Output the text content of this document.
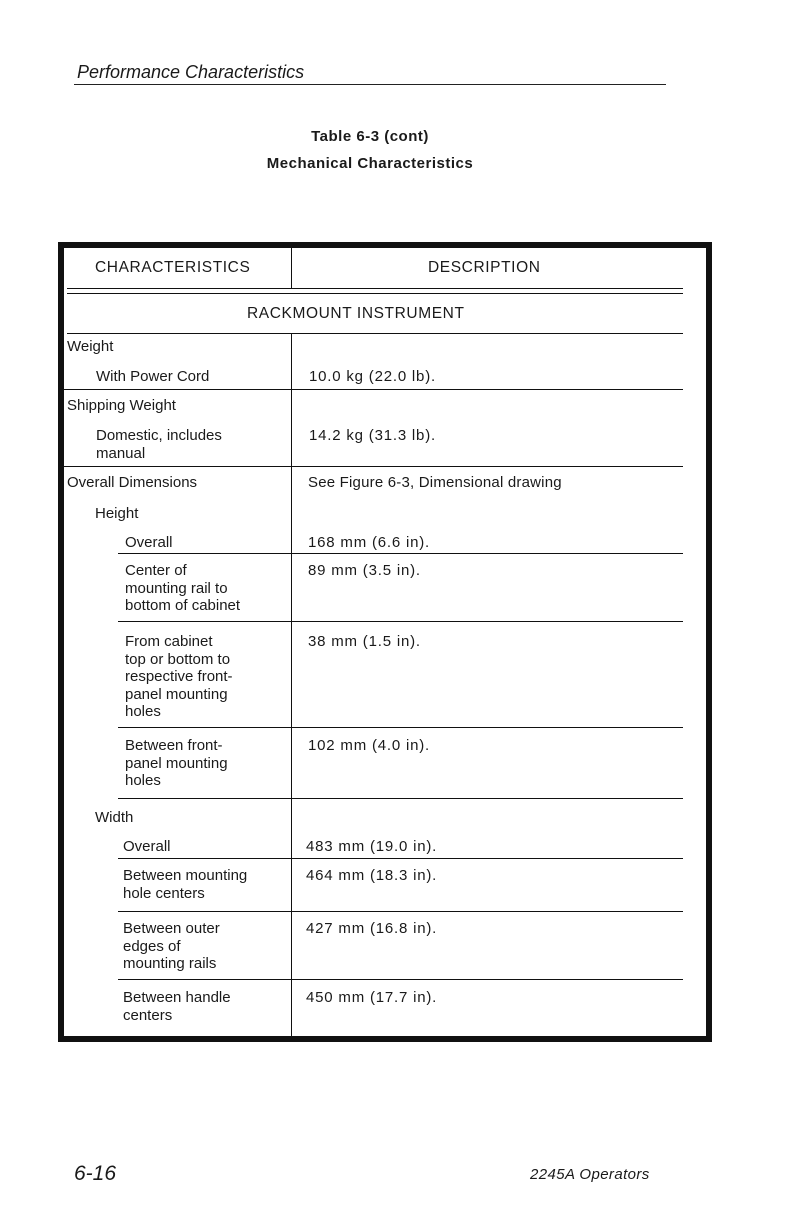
Performance Characteristics
Table 6-3 (cont)
Mechanical Characteristics
CHARACTERISTICS	DESCRIPTION
RACKMOUNT INSTRUMENT
Weight
With Power Cord
Shipping Weight
Domestic, includes
manual
Overall Dimensions
Height
Overall
Center of
mounting rail to
bottom of cabinet
From cabinet
top or bottom to
respective front-
panel mounting
holes
Between front-
panel mounting
holes
Width
Overall
Between mounting
hole centers
Between outer
edges of
mounting rails
Between handle
centers
10.0 kg (22.0 lb).
14.2 kg (31.3 lb).
See Figure 6-3, Dimensional drawing
168 mm (6.6 in).
89 mm (3.5 in).
38 mm (1.5 in).
102 mm (4.0 in).
483 mm (19.0 in).
464 mm (18.3 in).
427 mm (16.8 in).
450 mm (17.7 in).
6-16	2245A Operators
